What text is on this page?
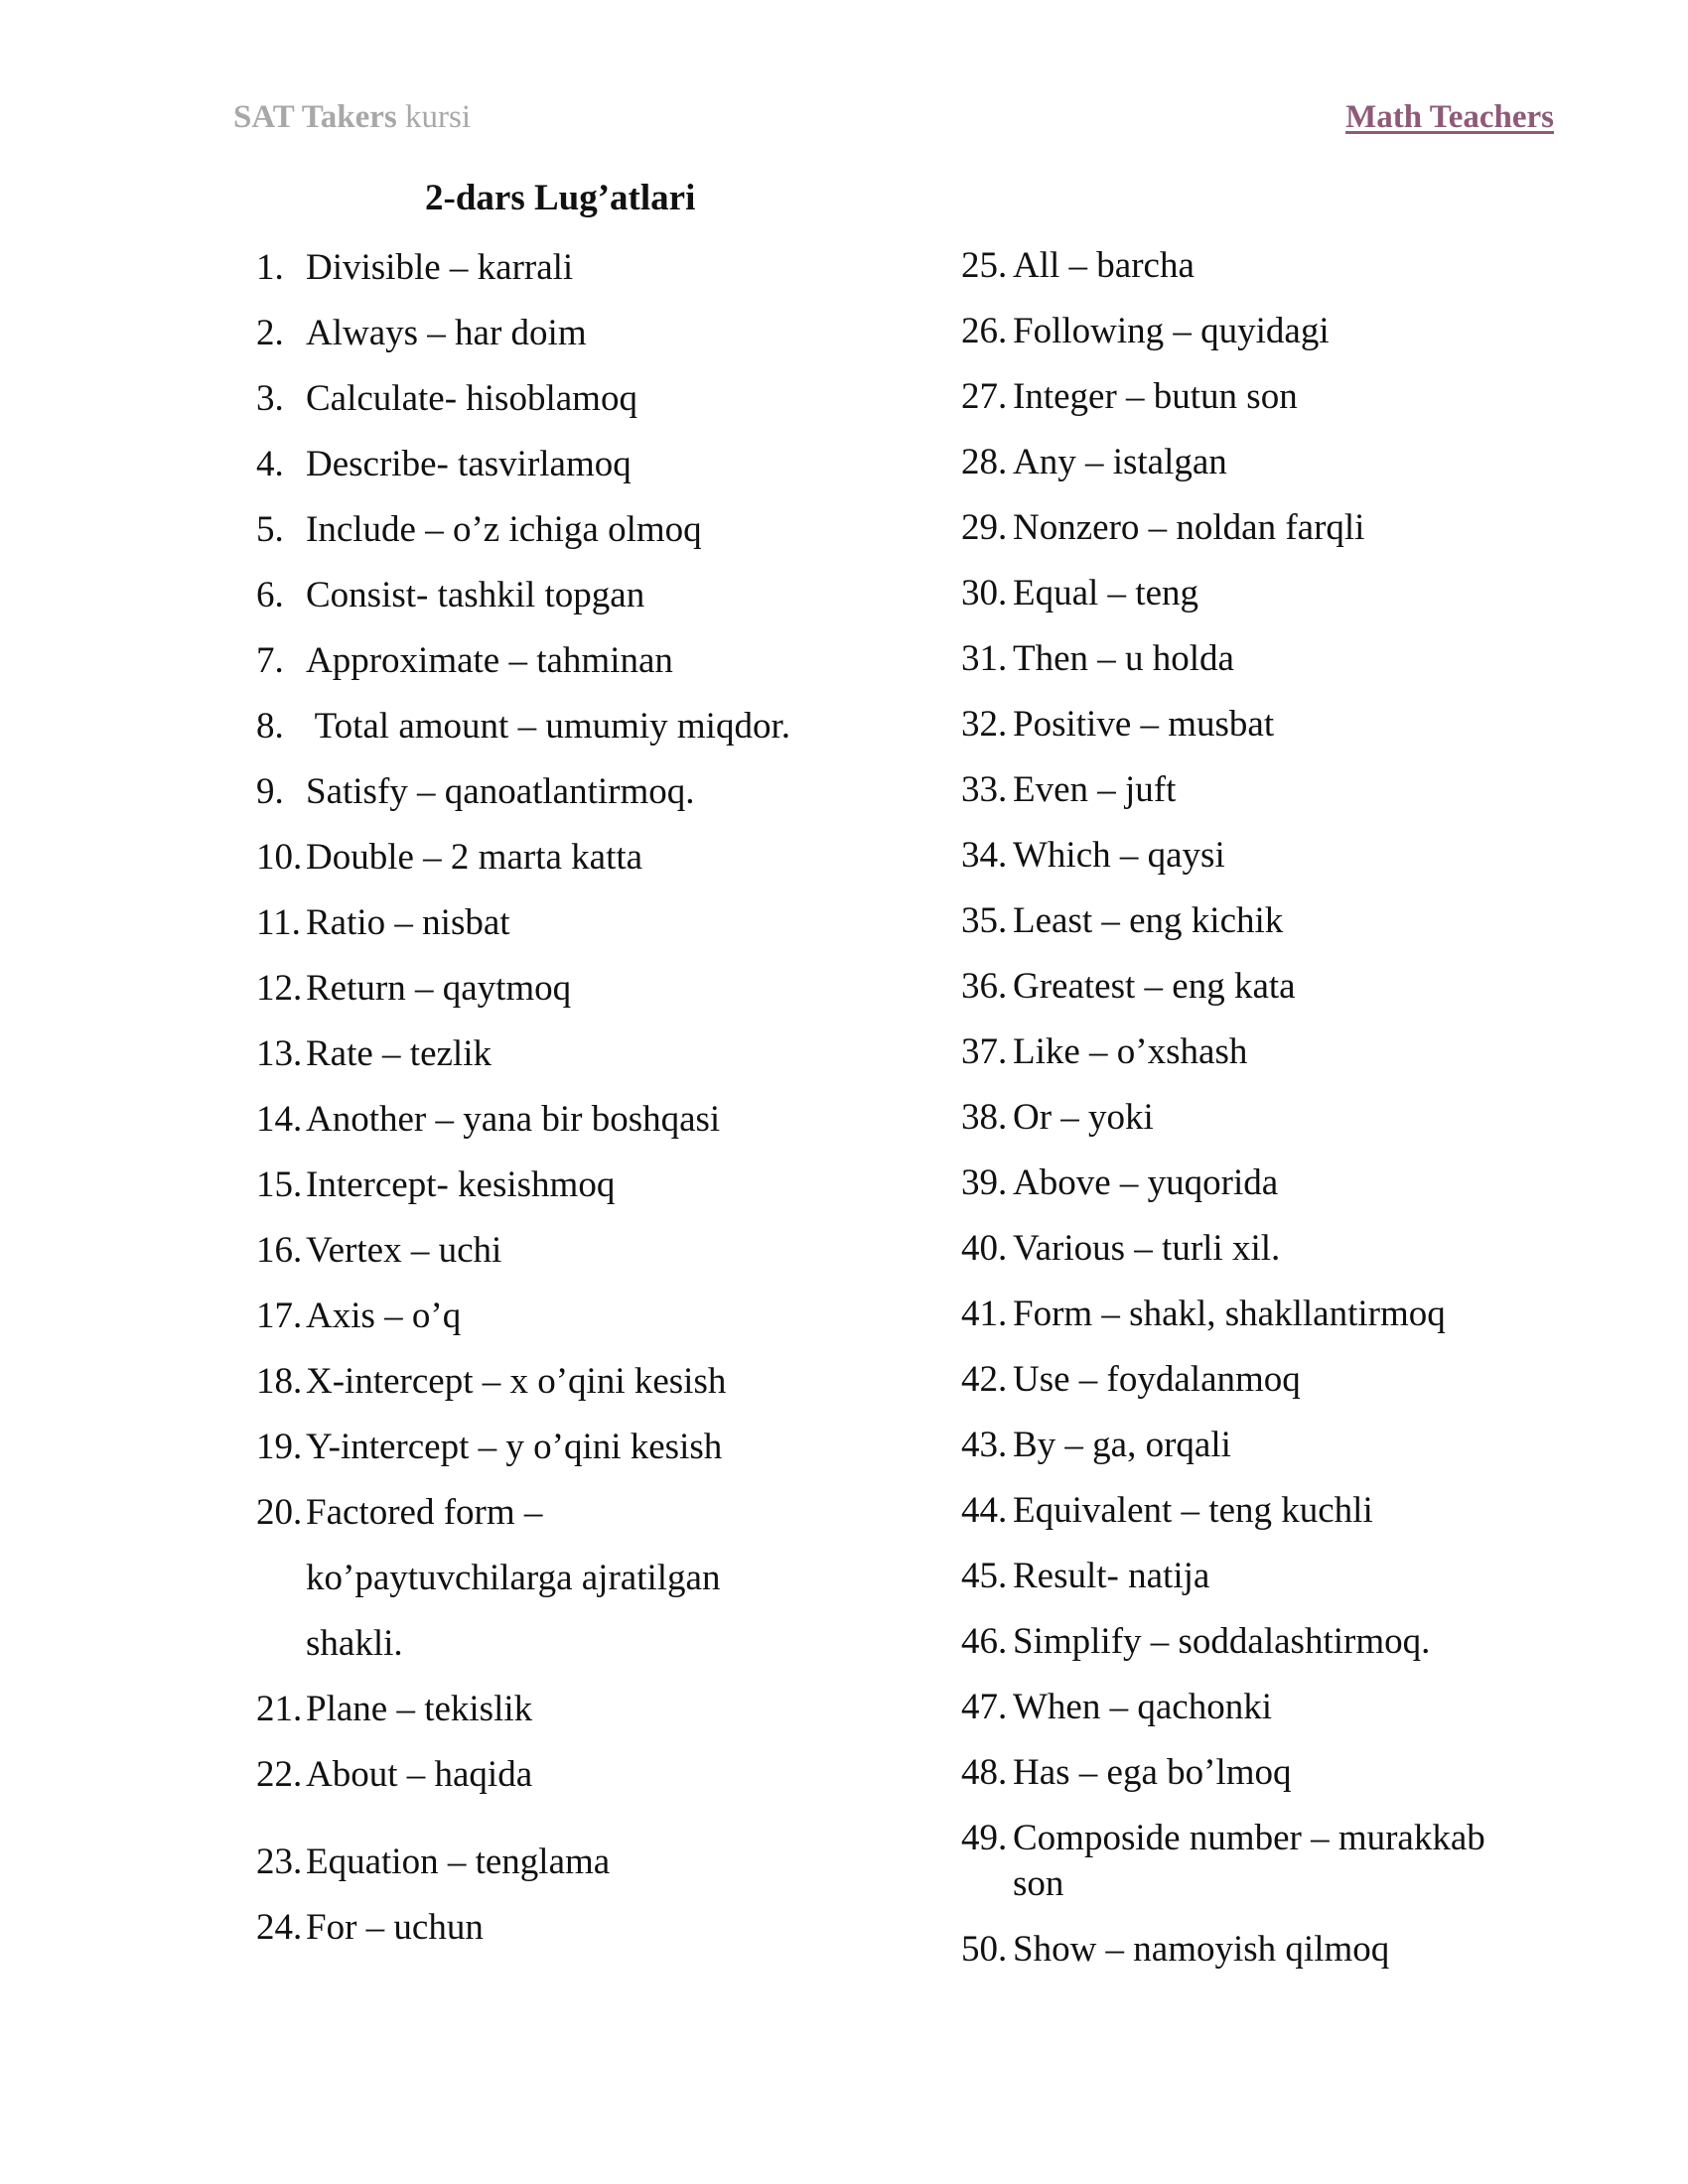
SAT Takers kursi	Math Teachers
2-dars Lug’atlari
1. Divisible – karrali
2. Always – har doim
3. Calculate- hisoblamoq
4. Describe- tasvirlamoq
5. Include – o’z ichiga olmoq
6. Consist- tashkil topgan
7. Approximate – tahminan
8. Total amount – umumiy miqdor.
9. Satisfy – qanoatlantirmoq.
10. Double – 2 marta katta
11. Ratio – nisbat
12. Return – qaytmoq
13. Rate – tezlik
14. Another – yana bir boshqasi
15. Intercept- kesishmoq
16. Vertex – uchi
17. Axis – o’q
18. X-intercept – x o’qini kesish
19. Y-intercept – y o’qini kesish
20. Factored form –
ko’paytuvchilarga ajratilgan
shakli.
21. Plane – tekislik
22. About – haqida
23. Equation – tenglama
24. For – uchun
25. All – barcha
26. Following – quyidagi
27. Integer – butun son
28. Any – istalgan
29. Nonzero – noldan farqli
30. Equal – teng
31. Then – u holda
32. Positive – musbat
33. Even – juft
34. Which – qaysi
35. Least – eng kichik
36. Greatest – eng kata
37. Like – o’xshash
38. Or – yoki
39. Above – yuqorida
40. Various – turli xil.
41. Form – shakl, shakllantirmoq
42. Use – foydalanmoq
43. By – ga, orqali
44. Equivalent – teng kuchli
45. Result- natija
46. Simplify – soddalashtirmoq.
47. When – qachonki
48. Has – ega bo’lmoq
49. Composide number – murakkab
son
50. Show – namoyish qilmoq
